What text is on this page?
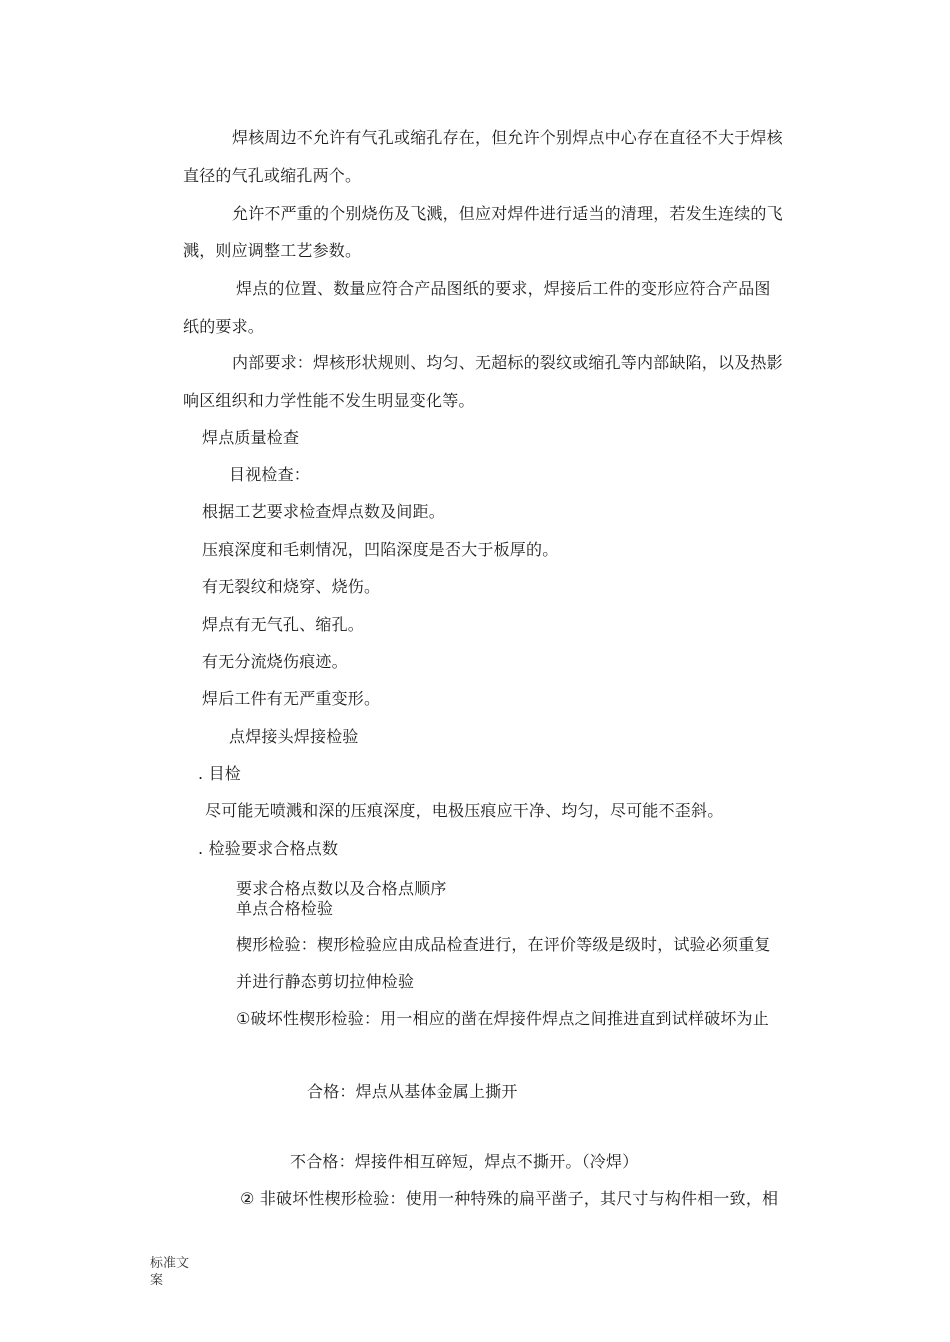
焊核周边不允许有气孔或缩孔存在，但允许个别焊点中心存在直径不大于焊核
直径的气孔或缩孔两个。
允许不严重的个别烧伤及飞溅，但应对焊件进行适当的清理，若发生连续的飞
溅，则应调整工艺参数。
焊点的位置、数量应符合产品图纸的要求，焊接后工件的变形应符合产品图
纸的要求。
内部要求：焊核形状规则、均匀、无超标的裂纹或缩孔等内部缺陷，以及热影
响区组织和力学性能不发生明显变化等。
焊点质量检查
目视检查：
根据工艺要求检查焊点数及间距。
压痕深度和毛刺情况，凹陷深度是否大于板厚的。
有无裂纹和烧穿、烧伤。
焊点有无气孔、缩孔。
有无分流烧伤痕迹。
焊后工件有无严重变形。
点焊接头焊接检验
. 目检
尽可能无喷溅和深的压痕深度，电极压痕应干净、均匀，尽可能不歪斜。
. 检验要求合格点数
要求合格点数以及合格点顺序
单点合格检验
楔形检验：楔形检验应由成品检查进行，在评价等级是级时，试验必须重复
并进行静态剪切拉伸检验
①破坏性楔形检验：用一相应的凿在焊接件焊点之间推进直到试样破坏为止
合格：焊点从基体金属上撕开
不合格：焊接件相互碎短，焊点不撕开。（冷焊）
② 非破坏性楔形检验：使用一种特殊的扁平凿子，其尺寸与构件相一致，相
标准文
案
